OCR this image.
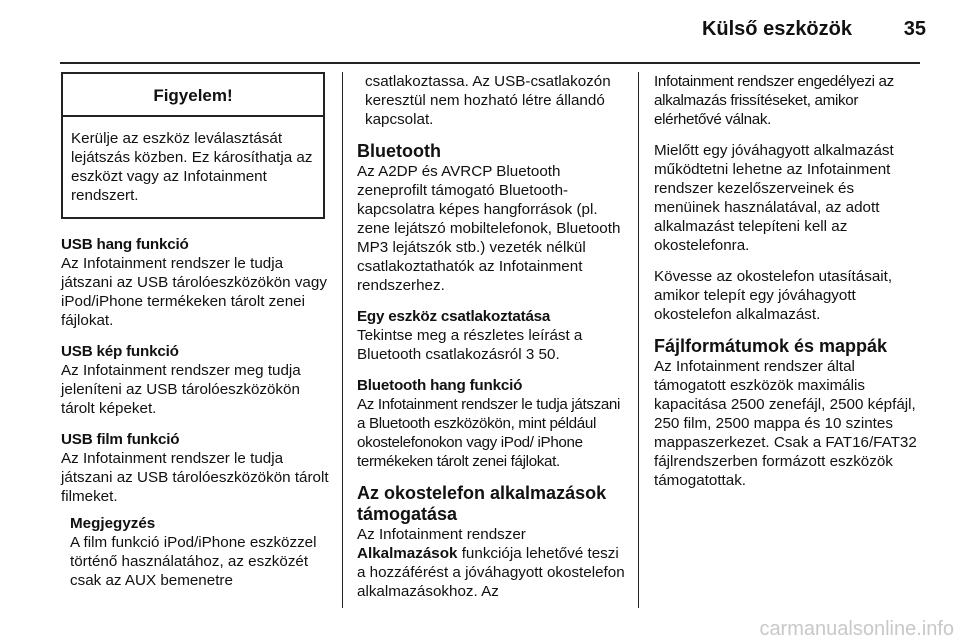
Külső eszközök	35
Figyelem!
Kerülje az eszköz leválasztását lejátszás közben. Ez károsíthatja az eszközt vagy az Infotainment rendszert.

USB hang funkció
Az Infotainment rendszer le tudja játszani az USB tárolóeszközökön vagy iPod/iPhone termékeken tárolt zenei fájlokat.

USB kép funkció
Az Infotainment rendszer meg tudja jeleníteni az USB tárolóeszközökön tárolt képeket.

USB film funkció
Az Infotainment rendszer le tudja játszani az USB tárolóeszközökön tárolt filmeket.

Megjegyzés
A film funkció iPod/iPhone eszközzel történő használatához, az eszközét csak az AUX bemenetre

csatlakoztassa. Az USB-csatlakozón keresztül nem hozható létre állandó kapcsolat.

Bluetooth
Az A2DP és AVRCP Bluetooth zeneprofilt támogató Bluetooth-kapcsolatra képes hangforrások (pl. zene lejátszó mobiltelefonok, Bluetooth MP3 lejátszók stb.) vezeték nélkül csatlakoztathatók az Infotainment rendszerhez.

Egy eszköz csatlakoztatása
Tekintse meg a részletes leírást a Bluetooth csatlakozásról 3 50.

Bluetooth hang funkció
Az Infotainment rendszer le tudja játszani a Bluetooth eszközökön, mint például okostelefonokon vagy iPod/ iPhone termékeken tárolt zenei fájlokat.

Az okostelefon alkalmazások támogatása
Az Infotainment rendszer Alkalmazások funkciója lehetővé teszi a hozzáférést a jóváhagyott okostelefon alkalmazásokhoz. Az

Infotainment rendszer engedélyezi az alkalmazás frissítéseket, amikor elérhetővé válnak.

Mielőtt egy jóváhagyott alkalmazást működtetni lehetne az Infotainment rendszer kezelőszerveinek és menüinek használatával, az adott alkalmazást telepíteni kell az okostelefonra.

Kövesse az okostelefon utasításait, amikor telepít egy jóváhagyott okostelefon alkalmazást.

Fájlformátumok és mappák
Az Infotainment rendszer által támogatott eszközök maximális kapacitása 2500 zenefájl, 2500 képfájl, 250 film, 2500 mappa és 10 szintes mappaszerkezet. Csak a FAT16/FAT32 fájlrendszerben formázott eszközök támogatottak.

carmanualsonline.info
